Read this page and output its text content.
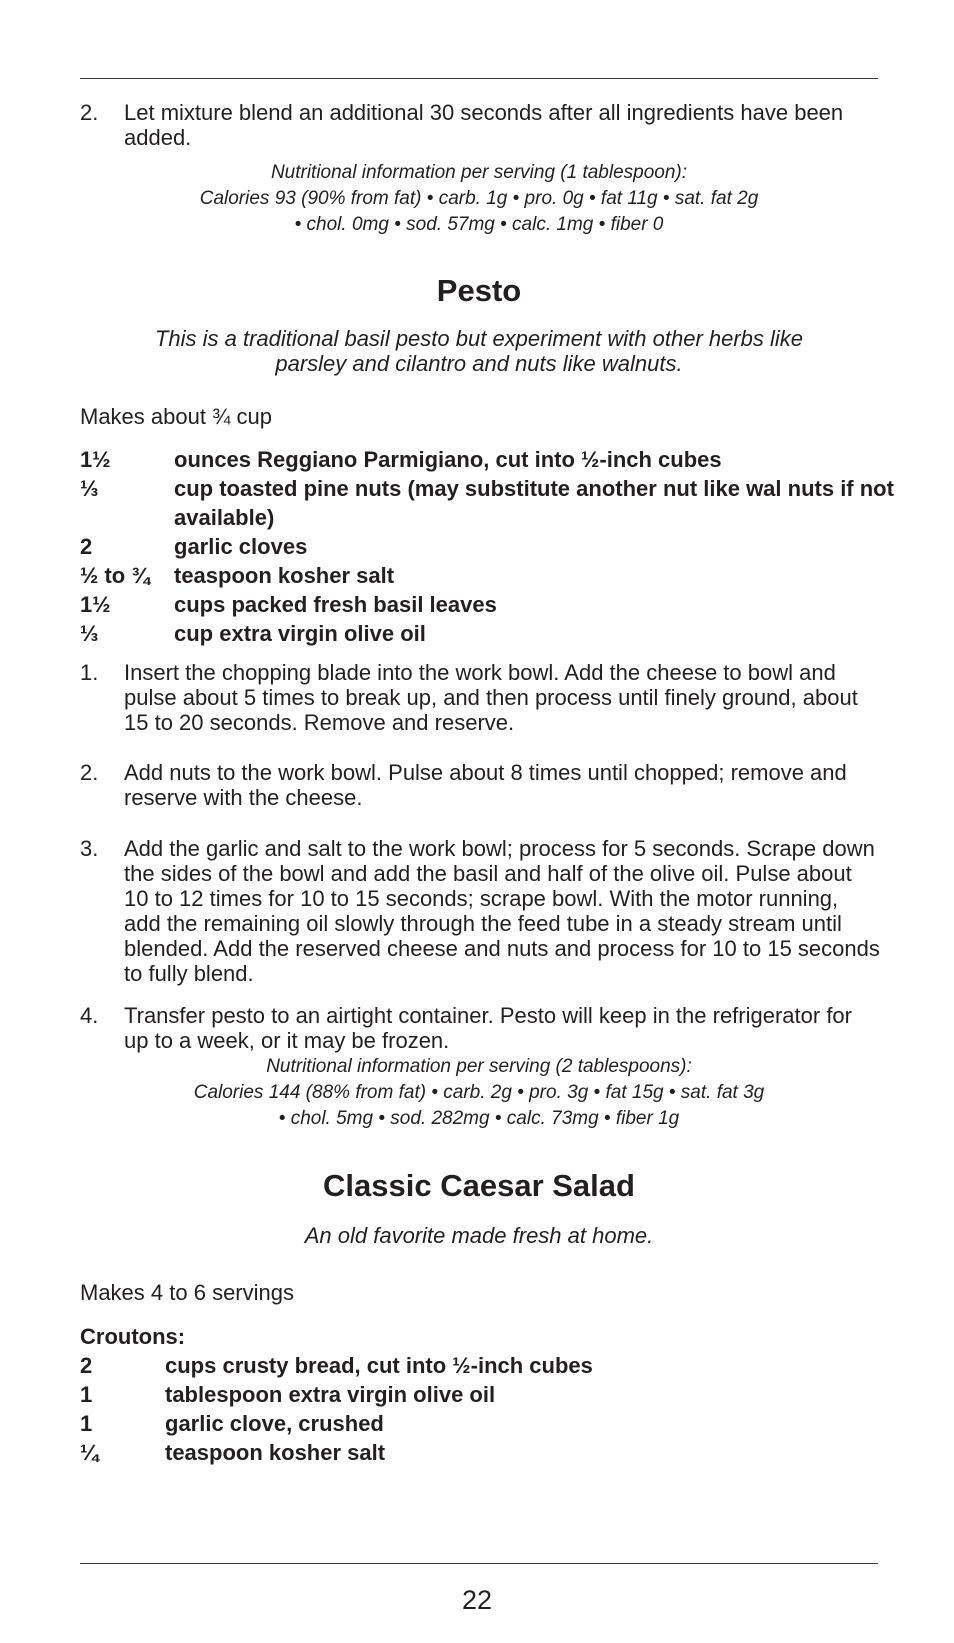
2. Let mixture blend an additional 30 seconds after all ingredients have been added.
Nutritional information per serving (1 tablespoon):
Calories 93 (90% from fat) • carb. 1g • pro. 0g • fat 11g • sat. fat 2g
• chol. 0mg • sod. 57mg • calc. 1mg • fiber 0
Pesto
This is a traditional basil pesto but experiment with other herbs like
parsley and cilantro and nuts like walnuts.
Makes about ¾ cup
1½	ounces Reggiano Parmigiano, cut into ½-inch cubes
⅓	cup toasted pine nuts (may substitute another nut like wal nuts if not available)
2	garlic cloves
½ to ¾ teaspoon kosher salt
1½	cups packed fresh basil leaves
⅓	cup extra virgin olive oil
1. Insert the chopping blade into the work bowl. Add the cheese to bowl and pulse about 5 times to break up, and then process until finely ground, about 15 to 20 seconds. Remove and reserve.
2. Add nuts to the work bowl. Pulse about 8 times until chopped; remove and reserve with the cheese.
3. Add the garlic and salt to the work bowl; process for 5 seconds. Scrape down the sides of the bowl and add the basil and half of the olive oil. Pulse about 10 to 12 times for 10 to 15 seconds; scrape bowl. With the motor running, add the remaining oil slowly through the feed tube in a steady stream until blended. Add the reserved cheese and nuts and process for 10 to 15 seconds to fully blend.
4. Transfer pesto to an airtight container. Pesto will keep in the refrigerator for up to a week, or it may be frozen.
Nutritional information per serving (2 tablespoons):
Calories 144 (88% from fat) • carb. 2g • pro. 3g • fat 15g • sat. fat 3g
• chol. 5mg • sod. 282mg • calc. 73mg • fiber 1g
Classic Caesar Salad
An old favorite made fresh at home.
Makes 4 to 6 servings
Croutons:
2	cups crusty bread, cut into ½-inch cubes
1	tablespoon extra virgin olive oil
1	garlic clove, crushed
¼	teaspoon kosher salt
22
